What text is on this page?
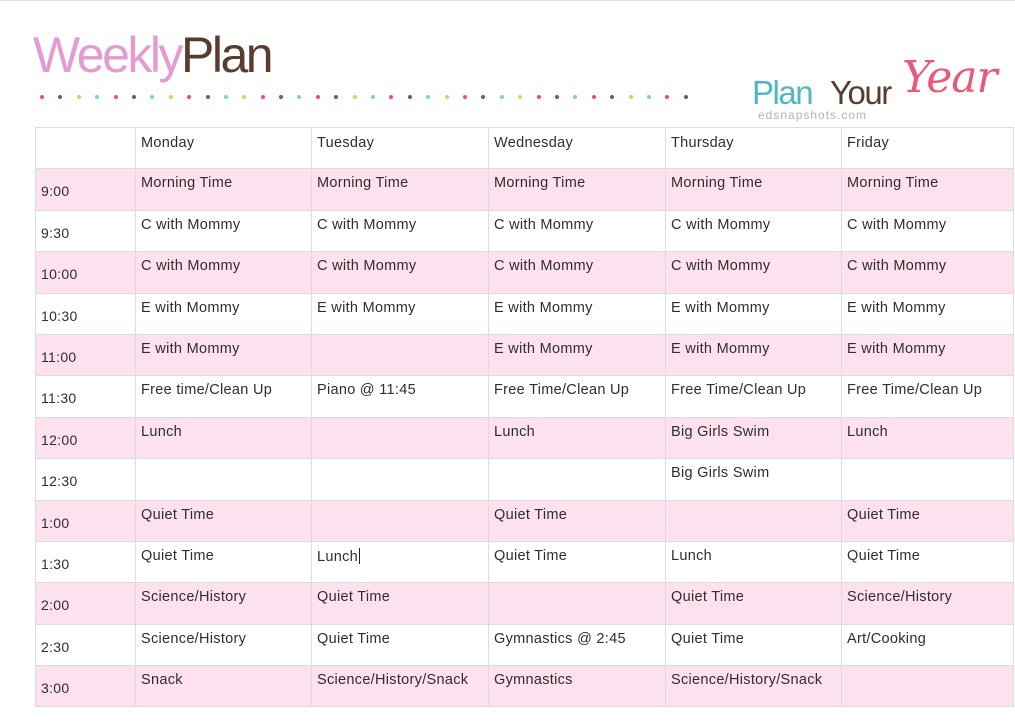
WeeklyPlan
Plan Your Year
edsnapshots.com
	Monday	Tuesday	Wednesday	Thursday	Friday
9:00	Morning Time	Morning Time	Morning Time	Morning Time	Morning Time
9:30	C with Mommy	C with Mommy	C with Mommy	C with Mommy	C with Mommy
10:00	C with Mommy	C with Mommy	C with Mommy	C with Mommy	C with Mommy
10:30	E with Mommy	E with Mommy	E with Mommy	E with Mommy	E with Mommy
11:00	E with Mommy		E with Mommy	E with Mommy	E with Mommy
11:30	Free time/Clean Up	Piano @ 11:45	Free Time/Clean Up	Free Time/Clean Up	Free Time/Clean Up
12:00	Lunch		Lunch	Big Girls Swim	Lunch
12:30				Big Girls Swim	
1:00	Quiet Time		Quiet Time		Quiet Time
1:30	Quiet Time	Lunch	Quiet Time	Lunch	Quiet Time
2:00	Science/History	Quiet Time		Quiet Time	Science/History
2:30	Science/History	Quiet Time	Gymnastics @ 2:45	Quiet Time	Art/Cooking
3:00	Snack	Science/History/Snack	Gymnastics	Science/History/Snack	
